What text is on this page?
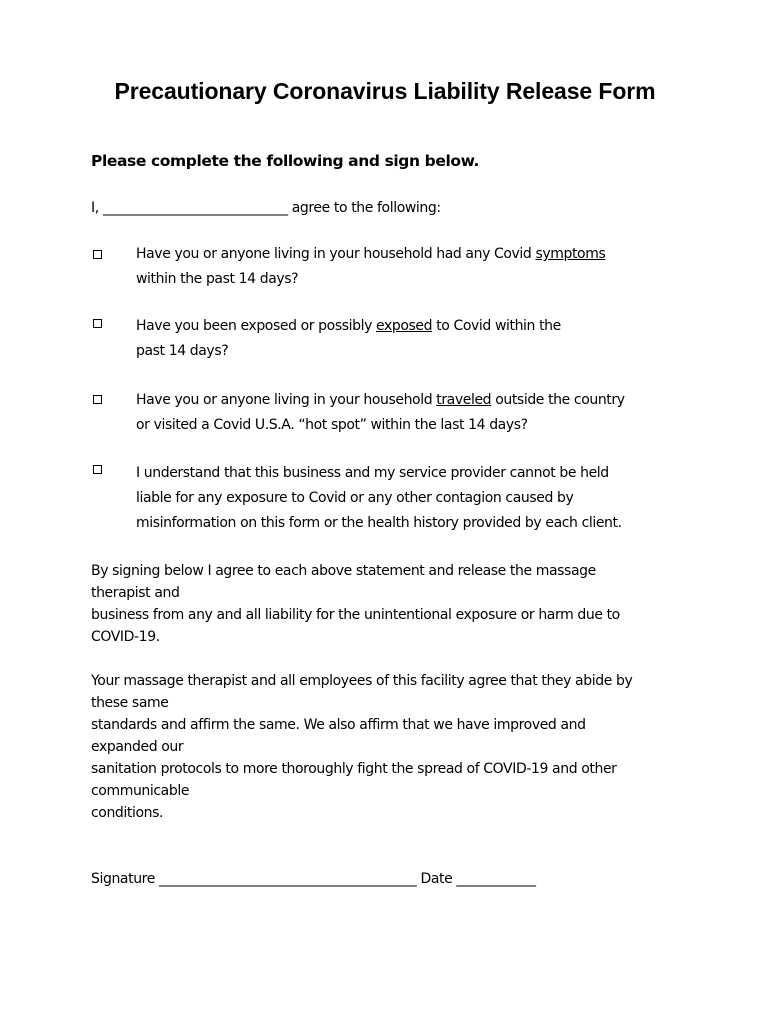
Precautionary Coronavirus Liability Release Form
Please complete the following and sign below.
I, ____________________________ agree to the following:
Have you or anyone living in your household had any Covid symptoms
within the past 14 days?
Have you been exposed or possibly exposed to Covid within the
past 14 days?
Have you or anyone living in your household traveled outside the country
or visited a Covid U.S.A. “hot spot” within the last 14 days?
I understand that this business and my service provider cannot be held
liable for any exposure to Covid or any other contagion caused by
misinformation on this form or the health history provided by each client.
By signing below I agree to each above statement and release the massage
therapist and
business from any and all liability for the unintentional exposure or harm due to
COVID-19.
Your massage therapist and all employees of this facility agree that they abide by
these same
standards and affirm the same. We also affirm that we have improved and
expanded our
sanitation protocols to more thoroughly fight the spread of COVID-19 and other
communicable
conditions.
Signature _______________________________________ Date ____________
